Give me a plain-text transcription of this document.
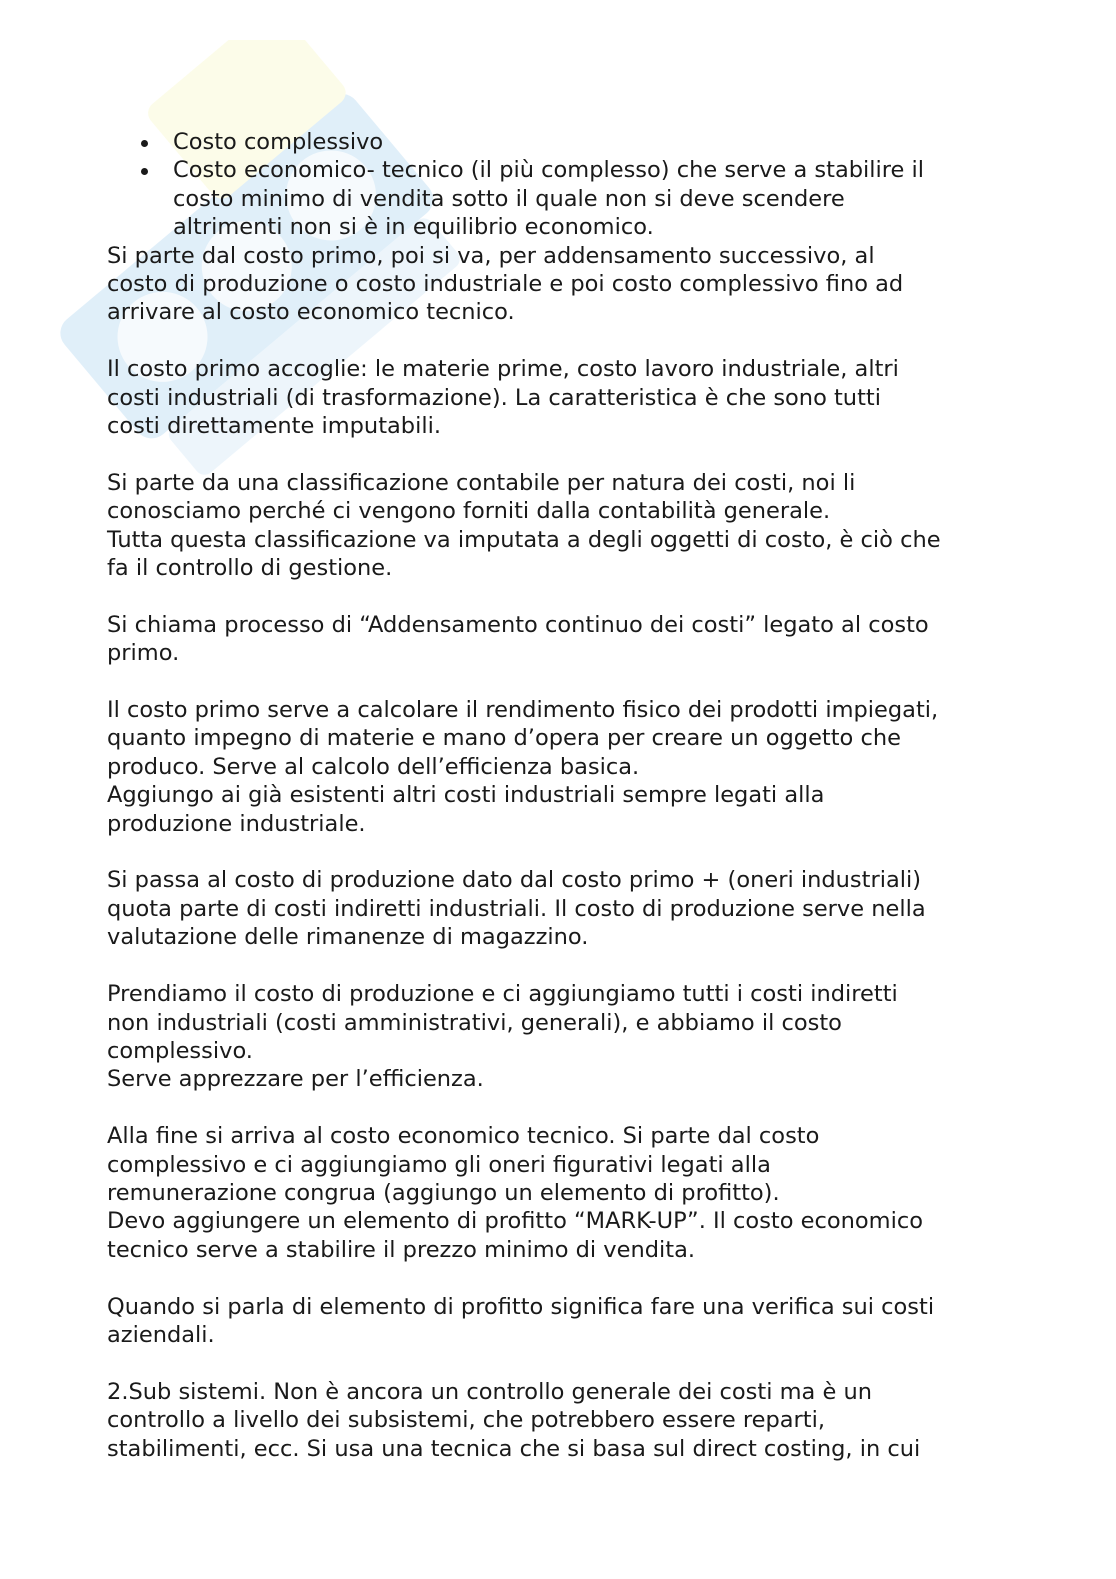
Costo complessivo
Costo economico- tecnico (il più complesso) che serve a stabilire il
costo minimo di vendita sotto il quale non si deve scendere
altrimenti non si è in equilibrio economico.

Si parte dal costo primo, poi si va, per addensamento successivo, al
costo di produzione o costo industriale e poi costo complessivo fino ad
arrivare al costo economico tecnico.

Il costo primo accoglie: le materie prime, costo lavoro industriale, altri
costi industriali (di trasformazione). La caratteristica è che sono tutti
costi direttamente imputabili.

Si parte da una classificazione contabile per natura dei costi, noi li
conosciamo perché ci vengono forniti dalla contabilità generale.
Tutta questa classificazione va imputata a degli oggetti di costo, è ciò che
fa il controllo di gestione.

Si chiama processo di “Addensamento continuo dei costi” legato al costo
primo.

Il costo primo serve a calcolare il rendimento fisico dei prodotti impiegati,
quanto impegno di materie e mano d’opera per creare un oggetto che
produco. Serve al calcolo dell’efficienza basica.
Aggiungo ai già esistenti altri costi industriali sempre legati alla
produzione industriale.

Si passa al costo di produzione dato dal costo primo + (oneri industriali)
quota parte di costi indiretti industriali. Il costo di produzione serve nella
valutazione delle rimanenze di magazzino.

Prendiamo il costo di produzione e ci aggiungiamo tutti i costi indiretti
non industriali (costi amministrativi, generali), e abbiamo il costo
complessivo.
Serve apprezzare per l’efficienza.

Alla fine si arriva al costo economico tecnico. Si parte dal costo
complessivo e ci aggiungiamo gli oneri figurativi legati alla
remunerazione congrua (aggiungo un elemento di profitto).
Devo aggiungere un elemento di profitto “MARK-UP”. Il costo economico
tecnico serve a stabilire il prezzo minimo di vendita.

Quando si parla di elemento di profitto significa fare una verifica sui costi
aziendali.

2.Sub sistemi. Non è ancora un controllo generale dei costi ma è un
controllo a livello dei subsistemi, che potrebbero essere reparti,
stabilimenti, ecc. Si usa una tecnica che si basa sul direct costing, in cui
